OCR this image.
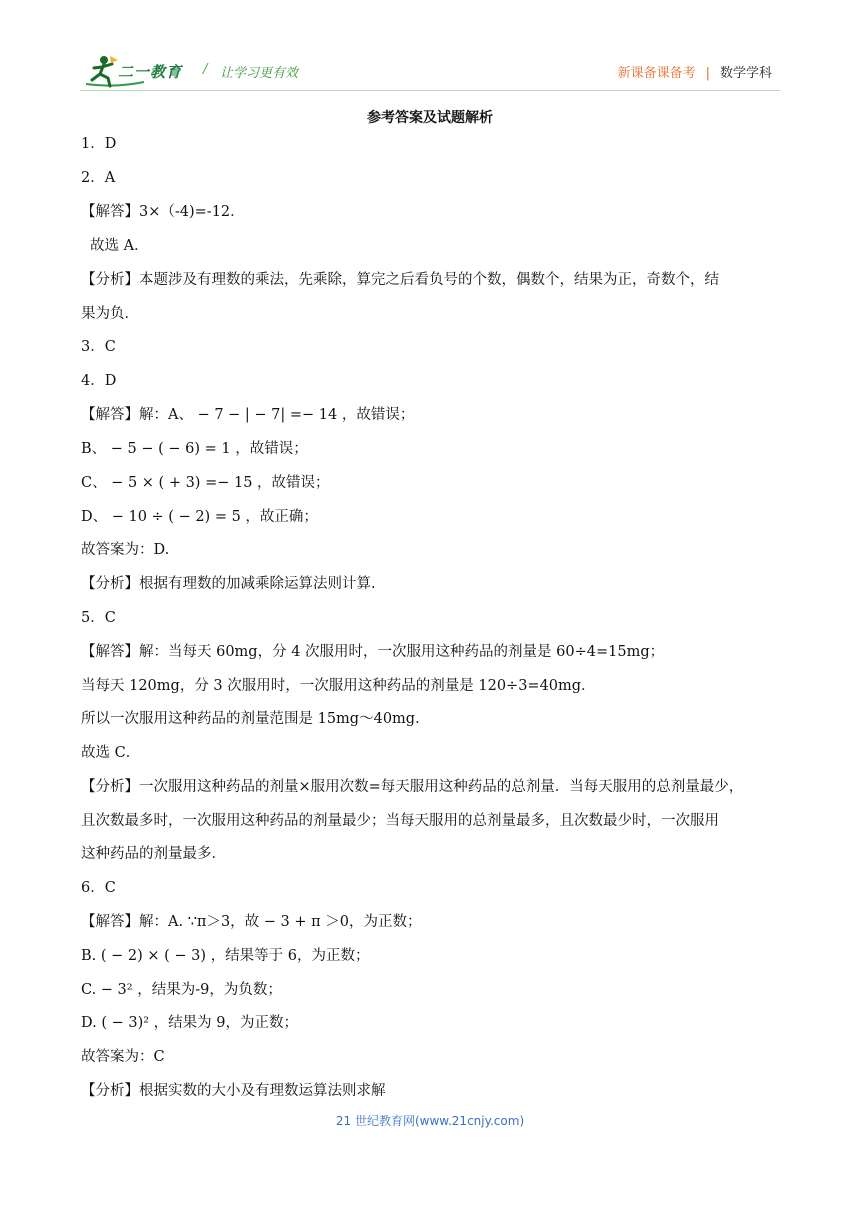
二一教育 / 让学习更有效	新课备课备考 | 数学学科
参考答案及试题解析
1．D
2．A
【解答】3×（-4)=-12．
故选 A．
【分析】本题涉及有理数的乘法，先乘除，算完之后看负号的个数，偶数个，结果为正，奇数个，结
果为负．
3．C
4．D
【解答】解：A、 − 7 − | − 7| =− 14 ，故错误；
B、 − 5 − ( − 6) = 1 ，故错误；
C、 − 5 × ( + 3) =− 15 ，故错误；
D、 − 10 ÷ ( − 2) = 5 ，故正确；
故答案为：D.
【分析】根据有理数的加减乘除运算法则计算.
5．C
【解答】解：当每天 60mg，分 4 次服用时，一次服用这种药品的剂量是 60÷4=15mg；
当每天 120mg，分 3 次服用时，一次服用这种药品的剂量是 120÷3=40mg．
所以一次服用这种药品的剂量范围是 15mg～40mg．
故选 C．
【分析】一次服用这种药品的剂量×服用次数=每天服用这种药品的总剂量．当每天服用的总剂量最少，
且次数最多时，一次服用这种药品的剂量最少；当每天服用的总剂量最多，且次数最少时，一次服用
这种药品的剂量最多．
6．C
【解答】解：A. ∵π＞3，故 − 3 + π ＞0，为正数；
B. ( − 2) × ( − 3) ，结果等于 6，为正数；
C. − 3² ，结果为-9，为负数；
D. ( − 3)² ，结果为 9，为正数；
故答案为：C
【分析】根据实数的大小及有理数运算法则求解
21 世纪教育网(www.21cnjy.com)
